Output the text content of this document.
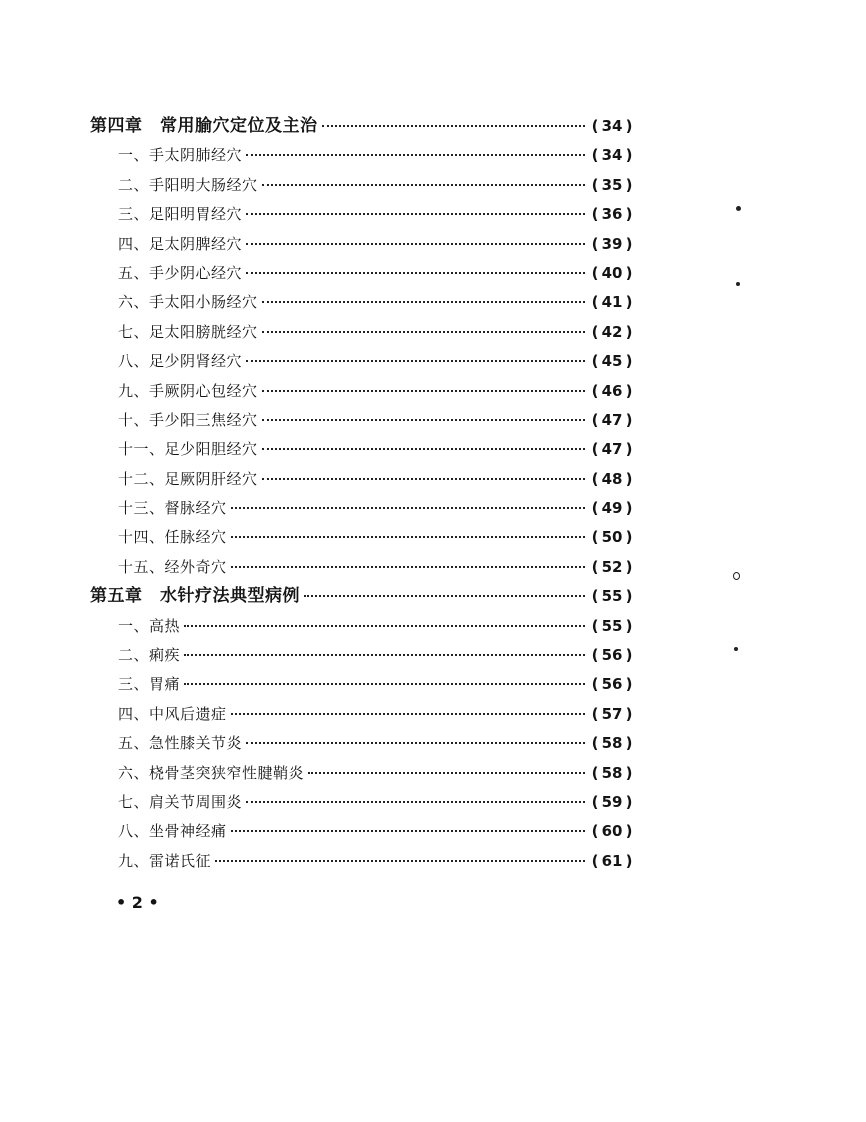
第四章　常用腧穴定位及主治	( 34 )
一、手太阴肺经穴	( 34 )
二、手阳明大肠经穴	( 35 )
三、足阳明胃经穴	( 36 )
四、足太阴脾经穴	( 39 )
五、手少阴心经穴	( 40 )
六、手太阳小肠经穴	( 41 )
七、足太阳膀胱经穴	( 42 )
八、足少阴肾经穴	( 45 )
九、手厥阴心包经穴	( 46 )
十、手少阳三焦经穴	( 47 )
十一、足少阳胆经穴	( 47 )
十二、足厥阴肝经穴	( 48 )
十三、督脉经穴	( 49 )
十四、任脉经穴	( 50 )
十五、经外奇穴	( 52 )
第五章　水针疗法典型病例	( 55 )
一、高热	( 55 )
二、痢疾	( 56 )
三、胃痛	( 56 )
四、中风后遗症	( 57 )
五、急性膝关节炎	( 58 )
六、桡骨茎突狭窄性腱鞘炎	( 58 )
七、肩关节周围炎	( 59 )
八、坐骨神经痛	( 60 )
九、雷诺氏征	( 61 )
• 2 •
